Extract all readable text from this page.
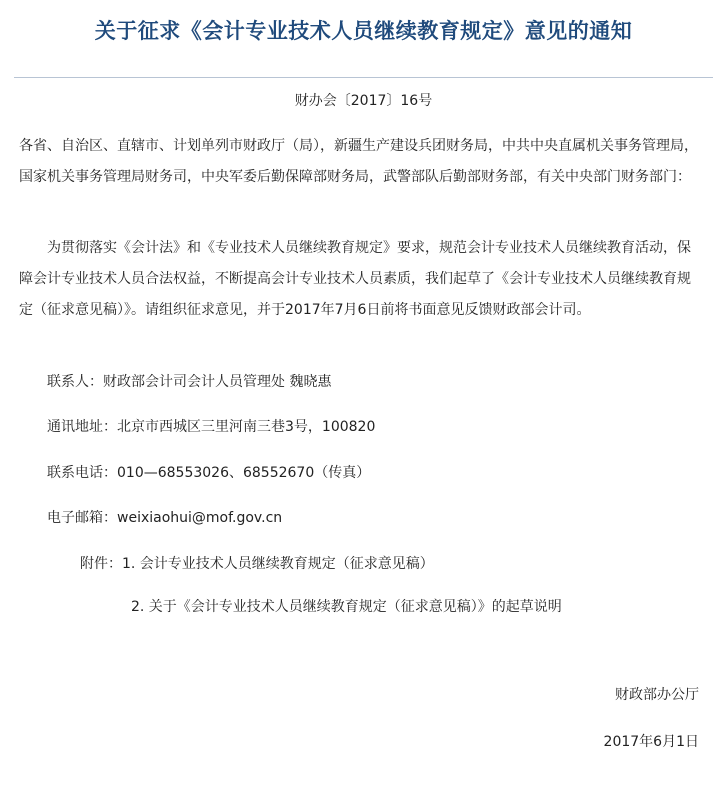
关于征求《会计专业技术人员继续教育规定》意见的通知
财办会〔2017〕16号

各省、自治区、直辖市、计划单列市财政厅（局），新疆生产建设兵团财务局，中共中央直属机关事务管理局，国家机关事务管理局财务司，中央军委后勤保障部财务局，武警部队后勤部财务部，有关中央部门财务部门：

为贯彻落实《会计法》和《专业技术人员继续教育规定》要求，规范会计专业技术人员继续教育活动，保障会计专业技术人员合法权益，不断提高会计专业技术人员素质，我们起草了《会计专业技术人员继续教育规定（征求意见稿）》。请组织征求意见，并于2017年7月6日前将书面意见反馈财政部会计司。

联系人：财政部会计司会计人员管理处 魏晓惠
通讯地址：北京市西城区三里河南三巷3号，100820
联系电话：010—68553026、68552670（传真）
电子邮箱：weixiaohui@mof.gov.cn
附件：1. 会计专业技术人员继续教育规定（征求意见稿）
2. 关于《会计专业技术人员继续教育规定（征求意见稿）》的起草说明
财政部办公厅
2017年6月1日
